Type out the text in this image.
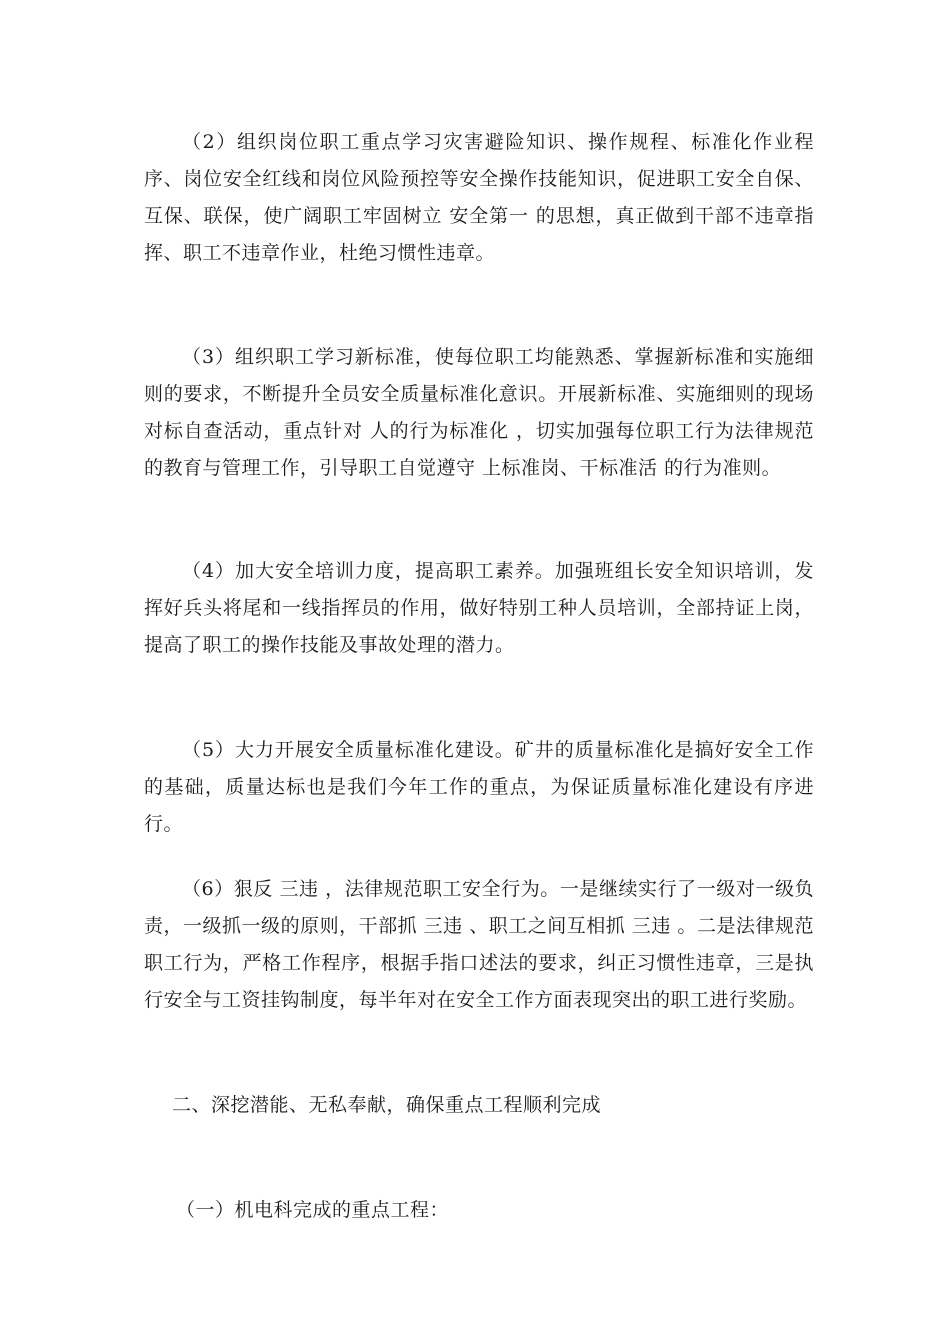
（2）组织岗位职工重点学习灾害避险知识、操作规程、标准化作业程序、岗位安全红线和岗位风险预控等安全操作技能知识，促进职工安全自保、互保、联保，使广阔职工牢固树立 安全第一 的思想，真正做到干部不违章指挥、职工不违章作业，杜绝习惯性违章。

（3）组织职工学习新标准，使每位职工均能熟悉、掌握新标准和实施细则的要求，不断提升全员安全质量标准化意识。开展新标准、实施细则的现场对标自查活动，重点针对 人的行为标准化 ，切实加强每位职工行为法律规范的教育与管理工作，引导职工自觉遵守 上标准岗、干标准活 的行为准则。

（4）加大安全培训力度，提高职工素养。加强班组长安全知识培训，发挥好兵头将尾和一线指挥员的作用，做好特别工种人员培训，全部持证上岗，提高了职工的操作技能及事故处理的潜力。

（5）大力开展安全质量标准化建设。矿井的质量标准化是搞好安全工作的基础，质量达标也是我们今年工作的重点，为保证质量标准化建设有序进行。

（6）狠反 三违 ，法律规范职工安全行为。一是继续实行了一级对一级负责，一级抓一级的原则，干部抓 三违 、职工之间互相抓 三违 。二是法律规范职工行为，严格工作程序，根据手指口述法的要求，纠正习惯性违章，三是执行安全与工资挂钩制度，每半年对在安全工作方面表现突出的职工进行奖励。

二、深挖潜能、无私奉献，确保重点工程顺利完成

（一）机电科完成的重点工程：
